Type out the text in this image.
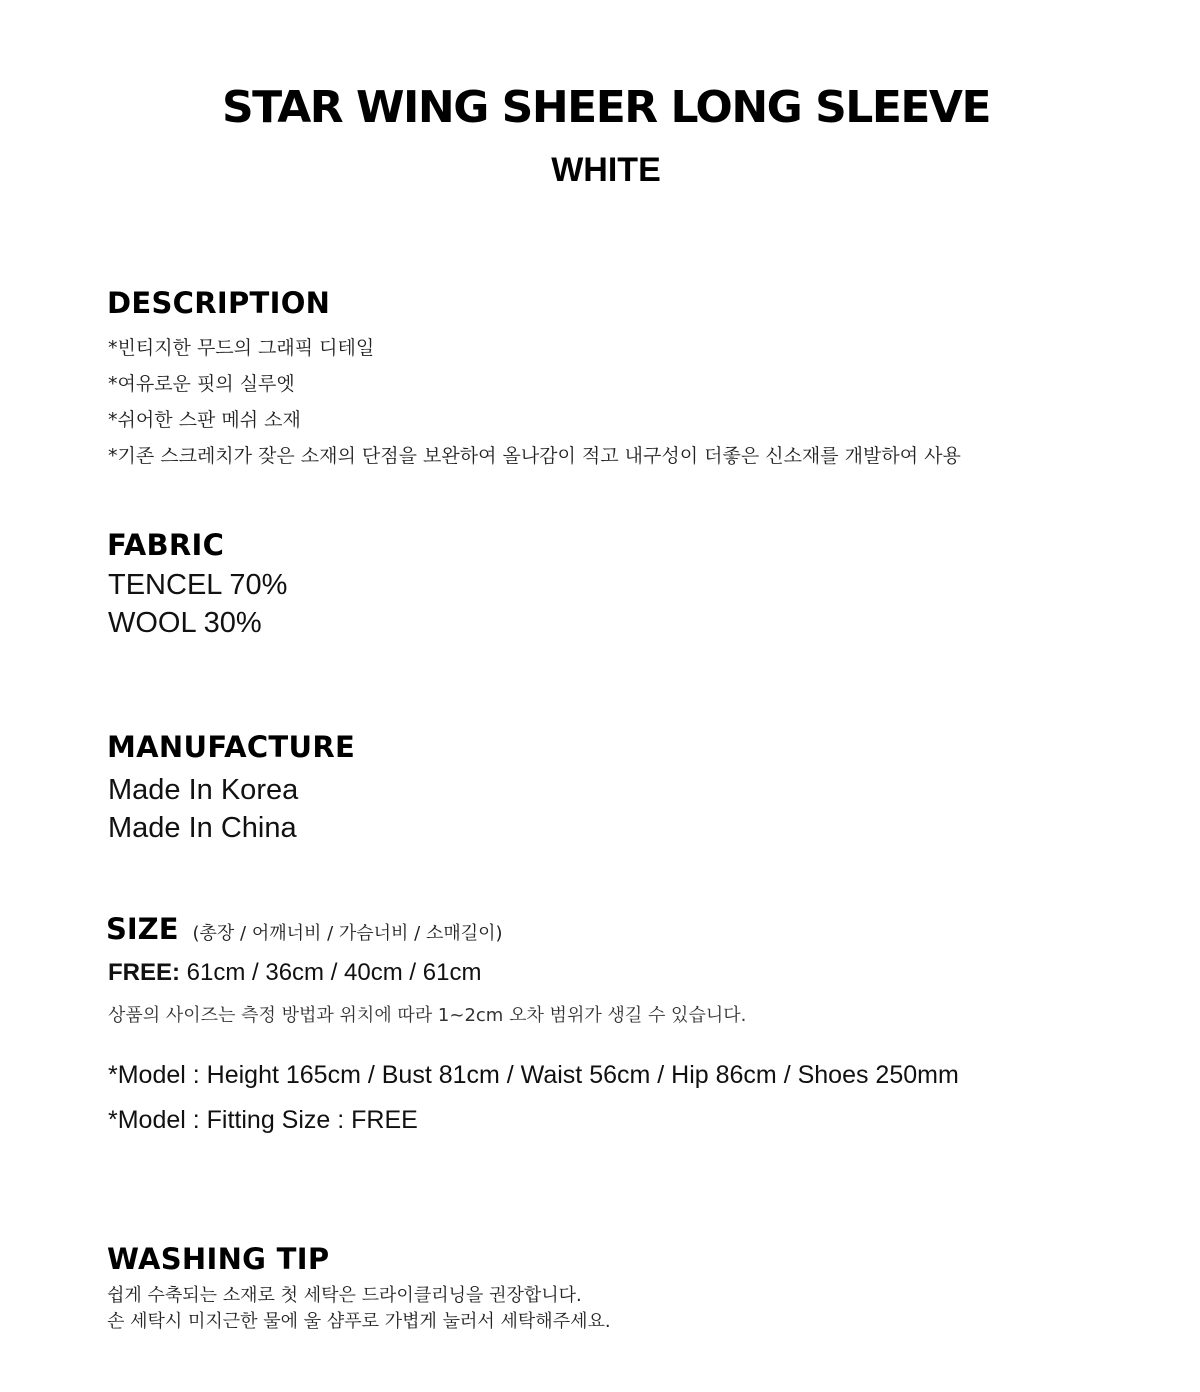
STAR WING SHEER LONG SLEEVE
WHITE
DESCRIPTION
*빈티지한 무드의 그래픽 디테일
*여유로운 핏의 실루엣
*쉬어한 스판 메쉬 소재
*기존 스크레치가 잦은 소재의 단점을 보완하여 올나감이 적고 내구성이 더좋은 신소재를 개발하여 사용
FABRIC
TENCEL 70%
WOOL 30%
MANUFACTURE
Made In Korea
Made In China
SIZE (총장 / 어깨너비 / 가슴너비 / 소매길이)
FREE: 61cm / 36cm / 40cm / 61cm
상품의 사이즈는 측정 방법과 위치에 따라 1~2cm 오차 범위가 생길 수 있습니다.
*Model : Height 165cm / Bust 81cm / Waist 56cm / Hip 86cm / Shoes 250mm
*Model : Fitting Size : FREE
WASHING TIP
쉽게 수축되는 소재로 첫 세탁은 드라이클리닝을 권장합니다.
손 세탁시 미지근한 물에 울 샴푸로 가볍게 눌러서 세탁해주세요.
